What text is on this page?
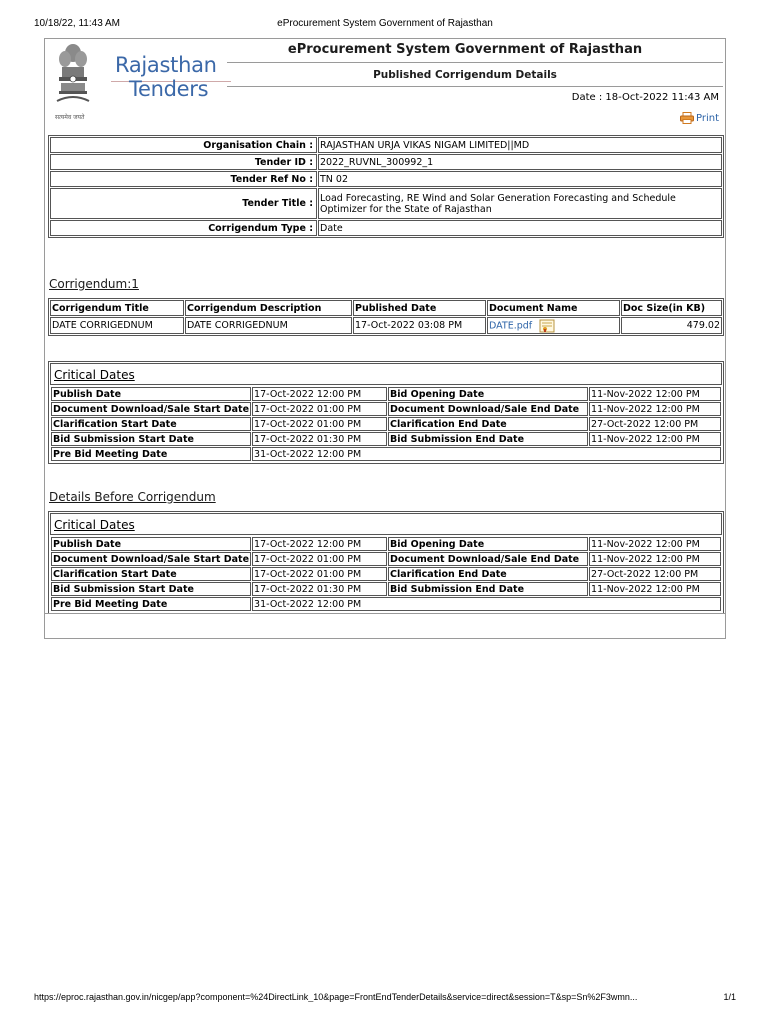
10/18/22, 11:43 AM	eProcurement System Government of Rajasthan
सत्यमेव जयते
Rajasthan
Tenders
eProcurement System Government of Rajasthan
Published Corrigendum Details
Date : 18-Oct-2022 11:43 AM
Print
Organisation Chain :	RAJASTHAN URJA VIKAS NIGAM LIMITED||MD
Tender ID :	2022_RUVNL_300992_1
Tender Ref No :	TN 02
Tender Title :	Load Forecasting, RE Wind and Solar Generation Forecasting and Schedule Optimizer for the State of Rajasthan
Corrigendum Type :	Date
Corrigendum:1
Corrigendum Title	Corrigendum Description	Published Date	Document Name	Doc Size(in KB)
DATE CORRIGEDNUM	DATE CORRIGEDNUM	17-Oct-2022 03:08 PM	DATE.pdf	479.02
Critical Dates
Publish Date	17-Oct-2022 12:00 PM	Bid Opening Date	11-Nov-2022 12:00 PM
Document Download/Sale Start Date	17-Oct-2022 01:00 PM	Document Download/Sale End Date	11-Nov-2022 12:00 PM
Clarification Start Date	17-Oct-2022 01:00 PM	Clarification End Date	27-Oct-2022 12:00 PM
Bid Submission Start Date	17-Oct-2022 01:30 PM	Bid Submission End Date	11-Nov-2022 12:00 PM
Pre Bid Meeting Date	31-Oct-2022 12:00 PM		
Details Before Corrigendum
Critical Dates
Publish Date	17-Oct-2022 12:00 PM	Bid Opening Date	11-Nov-2022 12:00 PM
Document Download/Sale Start Date	17-Oct-2022 01:00 PM	Document Download/Sale End Date	11-Nov-2022 12:00 PM
Clarification Start Date	17-Oct-2022 01:00 PM	Clarification End Date	27-Oct-2022 12:00 PM
Bid Submission Start Date	17-Oct-2022 01:30 PM	Bid Submission End Date	11-Nov-2022 12:00 PM
Pre Bid Meeting Date	31-Oct-2022 12:00 PM		
https://eproc.rajasthan.gov.in/nicgep/app?component=%24DirectLink_10&page=FrontEndTenderDetails&service=direct&session=T&sp=Sn%2F3wmn...	1/1
